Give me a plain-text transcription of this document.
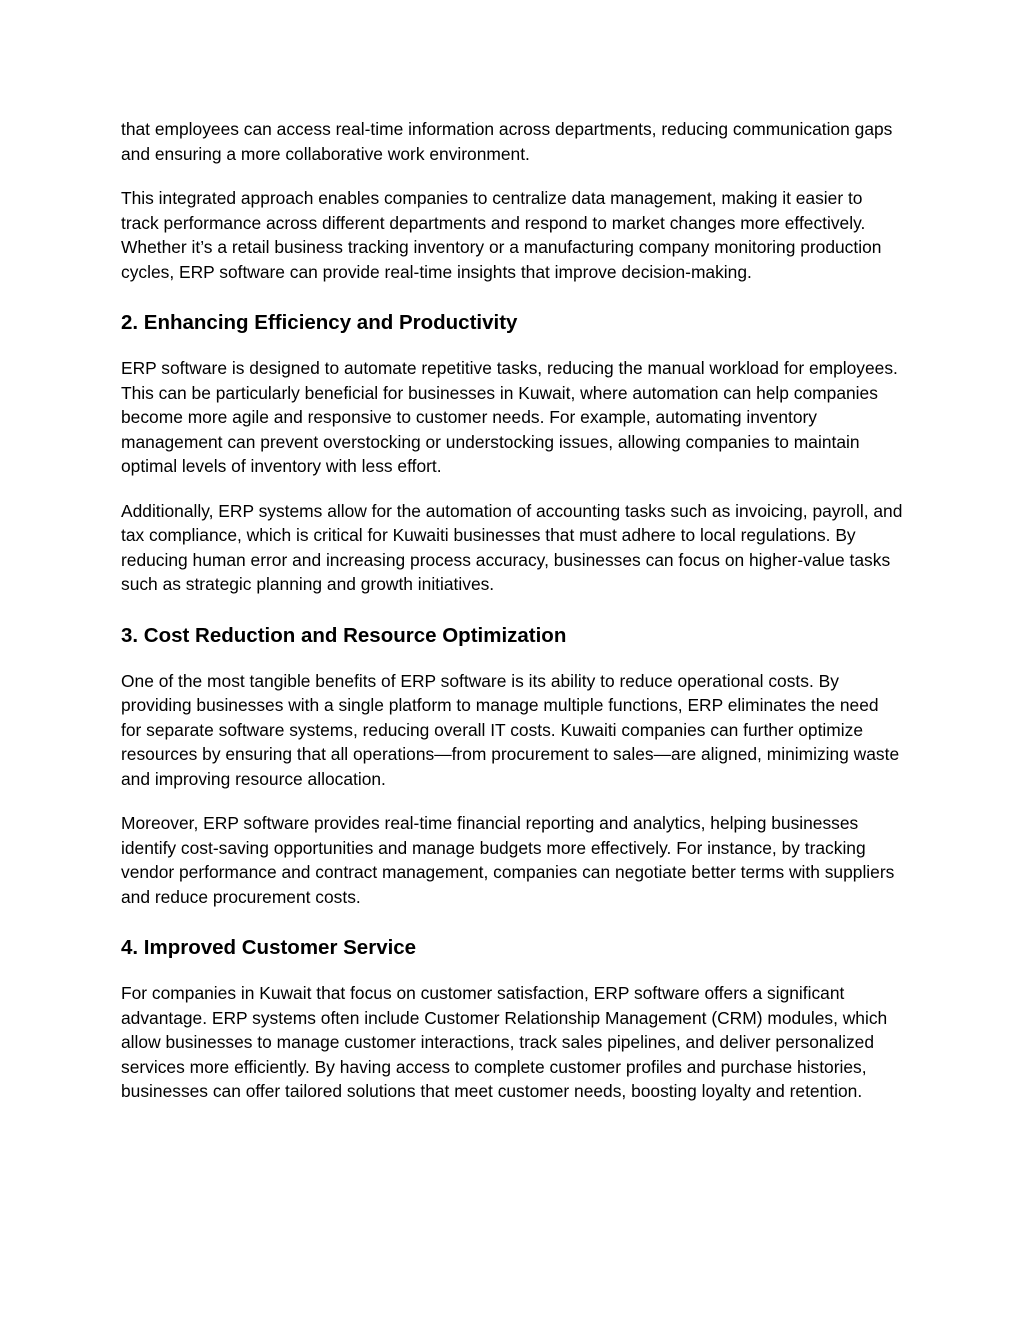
that employees can access real-time information across departments, reducing communication gaps and ensuring a more collaborative work environment.

This integrated approach enables companies to centralize data management, making it easier to track performance across different departments and respond to market changes more effectively. Whether it’s a retail business tracking inventory or a manufacturing company monitoring production cycles, ERP software can provide real-time insights that improve decision-making.

2. Enhancing Efficiency and Productivity

ERP software is designed to automate repetitive tasks, reducing the manual workload for employees. This can be particularly beneficial for businesses in Kuwait, where automation can help companies become more agile and responsive to customer needs. For example, automating inventory management can prevent overstocking or understocking issues, allowing companies to maintain optimal levels of inventory with less effort.

Additionally, ERP systems allow for the automation of accounting tasks such as invoicing, payroll, and tax compliance, which is critical for Kuwaiti businesses that must adhere to local regulations. By reducing human error and increasing process accuracy, businesses can focus on higher-value tasks such as strategic planning and growth initiatives.

3. Cost Reduction and Resource Optimization

One of the most tangible benefits of ERP software is its ability to reduce operational costs. By providing businesses with a single platform to manage multiple functions, ERP eliminates the need for separate software systems, reducing overall IT costs. Kuwaiti companies can further optimize resources by ensuring that all operations—from procurement to sales—are aligned, minimizing waste and improving resource allocation.

Moreover, ERP software provides real-time financial reporting and analytics, helping businesses identify cost-saving opportunities and manage budgets more effectively. For instance, by tracking vendor performance and contract management, companies can negotiate better terms with suppliers and reduce procurement costs.

4. Improved Customer Service

For companies in Kuwait that focus on customer satisfaction, ERP software offers a significant advantage. ERP systems often include Customer Relationship Management (CRM) modules, which allow businesses to manage customer interactions, track sales pipelines, and deliver personalized services more efficiently. By having access to complete customer profiles and purchase histories, businesses can offer tailored solutions that meet customer needs, boosting loyalty and retention.
